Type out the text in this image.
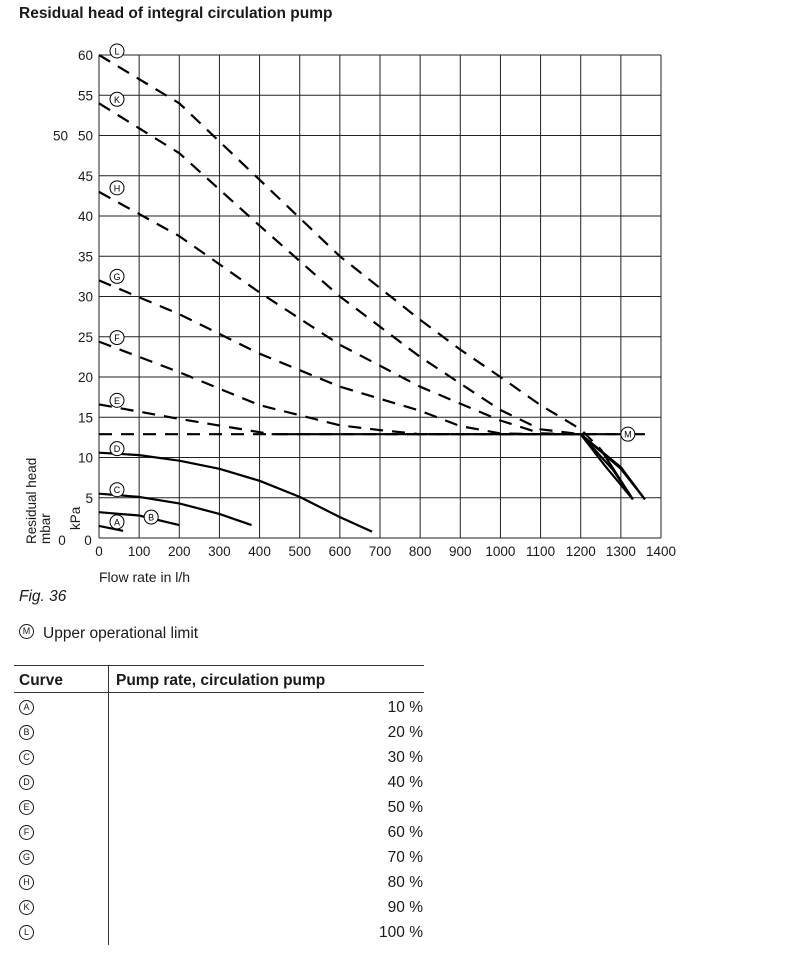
Residual head of integral circulation pump
A	B
C
D
E
F
G
H
K
L
M
0 100 200 300 400 500 600 700 800 900 1000 1100 1200 1300 1400
5
10
15
20
25
30
35
40
45
50
55
60
50
0 0
Flow rate in l/h
Residual head mbar kPa
Fig. 36
M Upper operational limit
Curve	Pump rate, circulation pump
A	10 %
B	20 %
C	30 %
D	40 %
E	50 %
F	60 %
G	70 %
H	80 %
K	90 %
L	100 %
